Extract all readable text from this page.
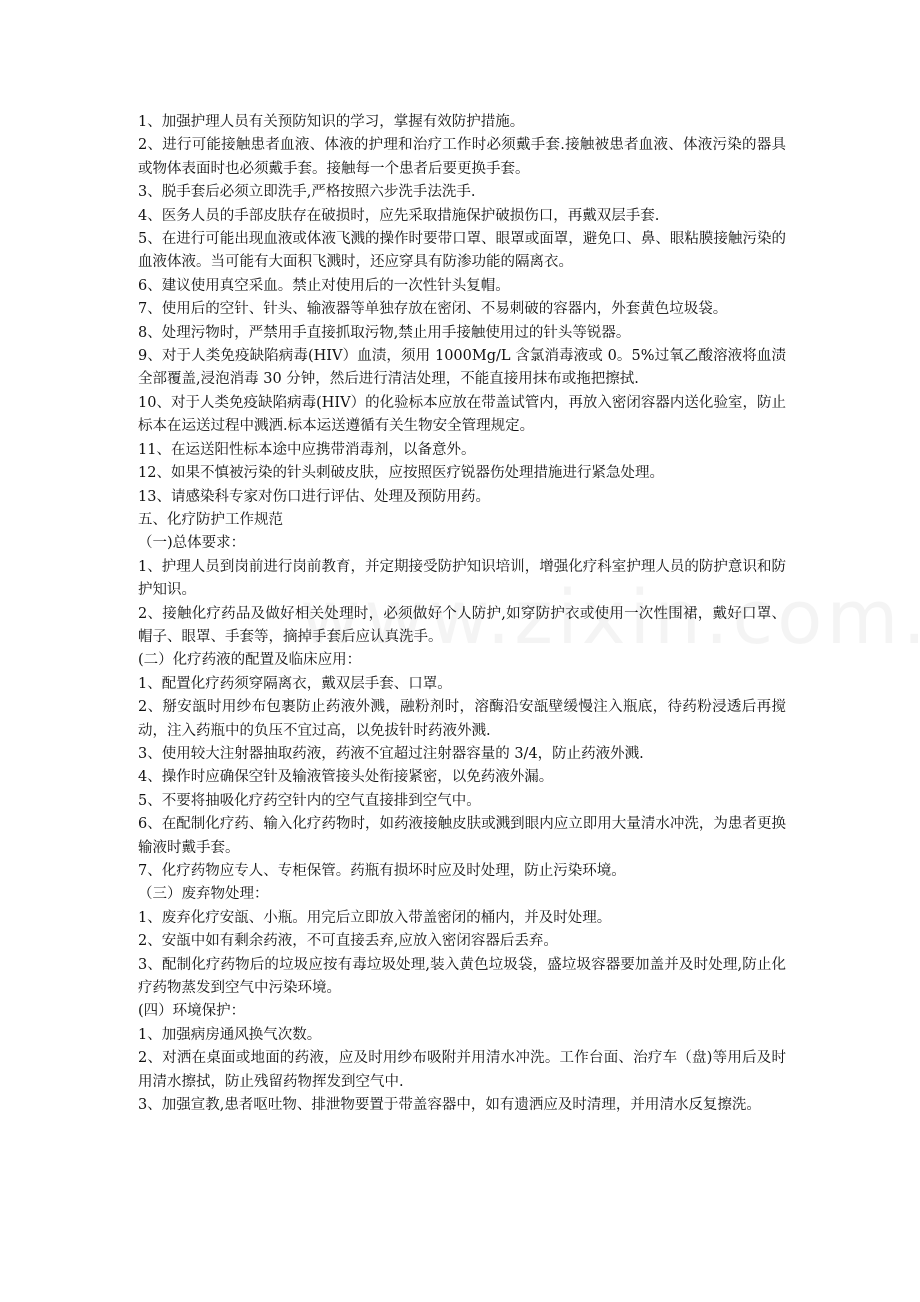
1、加强护理人员有关预防知识的学习，掌握有效防护措施。

2、进行可能接触患者血液、体液的护理和治疗工作时必须戴手套.接触被患者血液、体液污染的器具或物体表面时也必须戴手套。接触每一个患者后要更换手套。

3、脱手套后必须立即洗手,严格按照六步洗手法洗手.

4、医务人员的手部皮肤存在破损时，应先采取措施保护破损伤口，再戴双层手套.

5、在进行可能出现血液或体液飞溅的操作时要带口罩、眼罩或面罩，避免口、鼻、眼粘膜接触污染的血液体液。当可能有大面积飞溅时，还应穿具有防渗功能的隔离衣。

6、建议使用真空采血。禁止对使用后的一次性针头复帽。

7、使用后的空针、针头、输液器等单独存放在密闭、不易刺破的容器内，外套黄色垃圾袋。

8、处理污物时，严禁用手直接抓取污物,禁止用手接触使用过的针头等锐器。

9、对于人类免疫缺陷病毒(HIV）血渍，须用 1000Mg/L 含氯消毒液或 0。5%过氧乙酸溶液将血渍全部覆盖,浸泡消毒 30 分钟，然后进行清洁处理，不能直接用抹布或拖把擦拭.

10、对于人类免疫缺陷病毒(HIV）的化验标本应放在带盖试管内，再放入密闭容器内送化验室，防止标本在运送过程中溅洒.标本运送遵循有关生物安全管理规定。

11、在运送阳性标本途中应携带消毒剂，以备意外。

12、如果不慎被污染的针头刺破皮肤，应按照医疗锐器伤处理措施进行紧急处理。

13、请感染科专家对伤口进行评估、处理及预防用药。

五、化疗防护工作规范

（一)总体要求：

1、护理人员到岗前进行岗前教育，并定期接受防护知识培训，增强化疗科室护理人员的防护意识和防护知识。

2、接触化疗药品及做好相关处理时，必须做好个人防护,如穿防护衣或使用一次性围裙，戴好口罩、帽子、眼罩、手套等，摘掉手套后应认真洗手。

(二）化疗药液的配置及临床应用：

1、配置化疗药须穿隔离衣，戴双层手套、口罩。

2、掰安瓿时用纱布包裹防止药液外溅，融粉剂时，溶酶沿安瓿壁缓慢注入瓶底，待药粉浸透后再搅动，注入药瓶中的负压不宜过高，以免拔针时药液外溅.

3、使用较大注射器抽取药液，药液不宜超过注射器容量的 3/4，防止药液外溅.

4、操作时应确保空针及输液管接头处衔接紧密，以免药液外漏。

5、不要将抽吸化疗药空针内的空气直接排到空气中。

6、在配制化疗药、输入化疗药物时，如药液接触皮肤或溅到眼内应立即用大量清水冲洗，为患者更换输液时戴手套。

7、化疗药物应专人、专柜保管。药瓶有损坏时应及时处理，防止污染环境。

（三）废弃物处理：

1、废弃化疗安瓿、小瓶。用完后立即放入带盖密闭的桶内，并及时处理。

2、安瓿中如有剩余药液，不可直接丢弃,应放入密闭容器后丢弃。

3、配制化疗药物后的垃圾应按有毒垃圾处理,装入黄色垃圾袋，盛垃圾容器要加盖并及时处理,防止化疗药物蒸发到空气中污染环境。

(四）环境保护：

1、加强病房通风换气次数。

2、对洒在桌面或地面的药液，应及时用纱布吸附并用清水冲洗。工作台面、治疗车（盘)等用后及时用清水擦拭，防止残留药物挥发到空气中.

3、加强宣教,患者呕吐物、排泄物要置于带盖容器中，如有遗洒应及时清理，并用清水反复擦洗。
